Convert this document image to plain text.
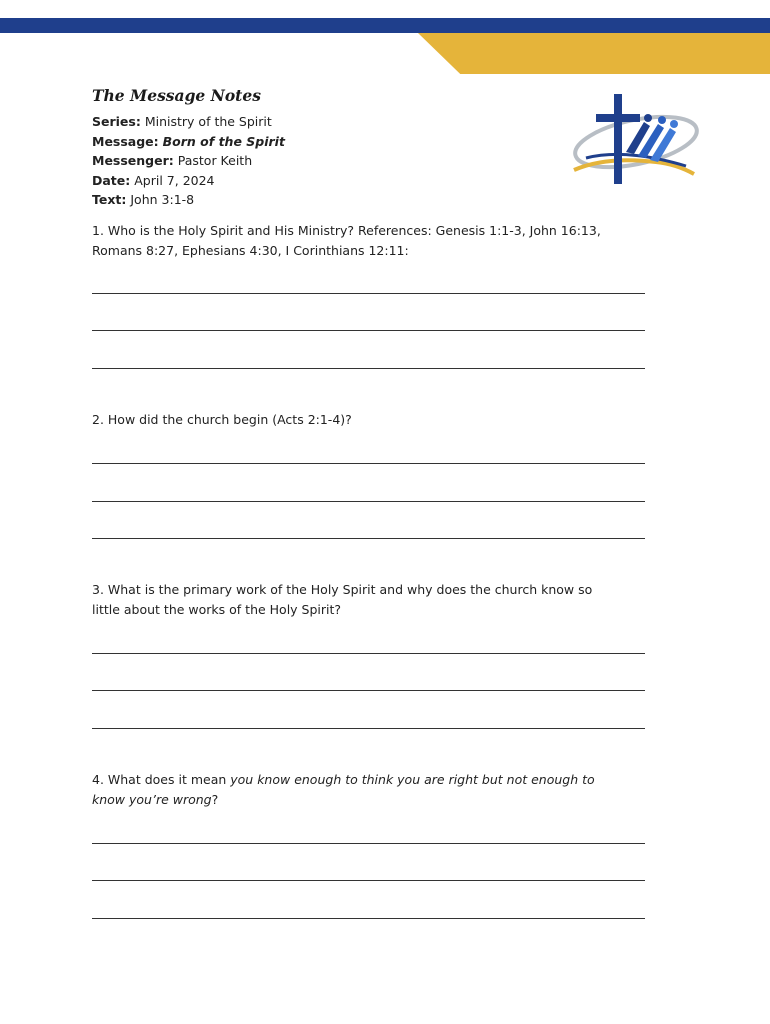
The Message Notes
Series: Ministry of the Spirit
Message: Born of the Spirit
Messenger: Pastor Keith
Date: April 7, 2024
Text: John 3:1-8
1. Who is the Holy Spirit and His Ministry? References: Genesis 1:1-3, John 16:13,
Romans 8:27, Ephesians 4:30, I Corinthians 12:11:
2. How did the church begin (Acts 2:1-4)?
3. What is the primary work of the Holy Spirit and why does the church know so
little about the works of the Holy Spirit?
4. What does it mean you know enough to think you are right but not enough to
know you’re wrong?
